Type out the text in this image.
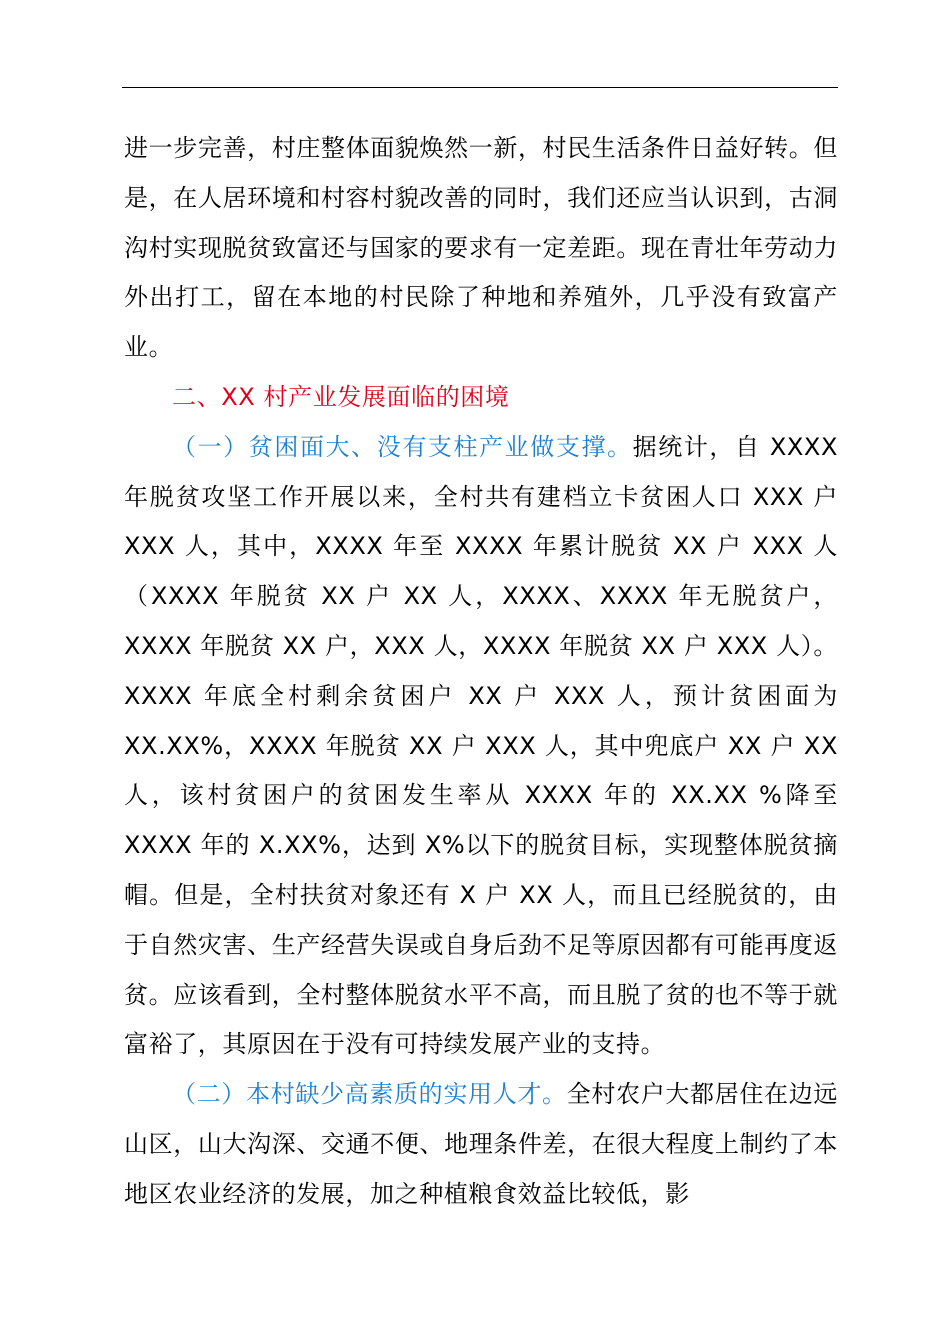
进一步完善，村庄整体面貌焕然一新，村民生活条件日益好转。但是，在人居环境和村容村貌改善的同时，我们还应当认识到，古洞沟村实现脱贫致富还与国家的要求有一定差距。现在青壮年劳动力外出打工，留在本地的村民除了种地和养殖外，几乎没有致富产业。

二、XX 村产业发展面临的困境

（一）贫困面大、没有支柱产业做支撑。据统计，自 XXXX 年脱贫攻坚工作开展以来，全村共有建档立卡贫困人口 XXX 户 XXX 人，其中，XXXX 年至 XXXX 年累计脱贫 XX 户 XXX 人（XXXX 年脱贫 XX 户 XX 人，XXXX、XXXX 年无脱贫户，XXXX 年脱贫 XX 户，XXX 人，XXXX 年脱贫 XX 户 XXX 人）。XXXX 年底全村剩余贫困户 XX 户 XXX 人，预计贫困面为 XX.XX%，XXXX 年脱贫 XX 户 XXX 人，其中兜底户 XX 户 XX 人，该村贫困户的贫困发生率从 XXXX 年的 XX.XX %降至 XXXX 年的 X.XX%，达到 X%以下的脱贫目标，实现整体脱贫摘帽。但是，全村扶贫对象还有 X 户 XX 人，而且已经脱贫的，由于自然灾害、生产经营失误或自身后劲不足等原因都有可能再度返贫。应该看到，全村整体脱贫水平不高，而且脱了贫的也不等于就富裕了，其原因在于没有可持续发展产业的支持。

（二）本村缺少高素质的实用人才。全村农户大都居住在边远山区，山大沟深、交通不便、地理条件差，在很大程度上制约了本地区农业经济的发展，加之种植粮食效益比较低，影
